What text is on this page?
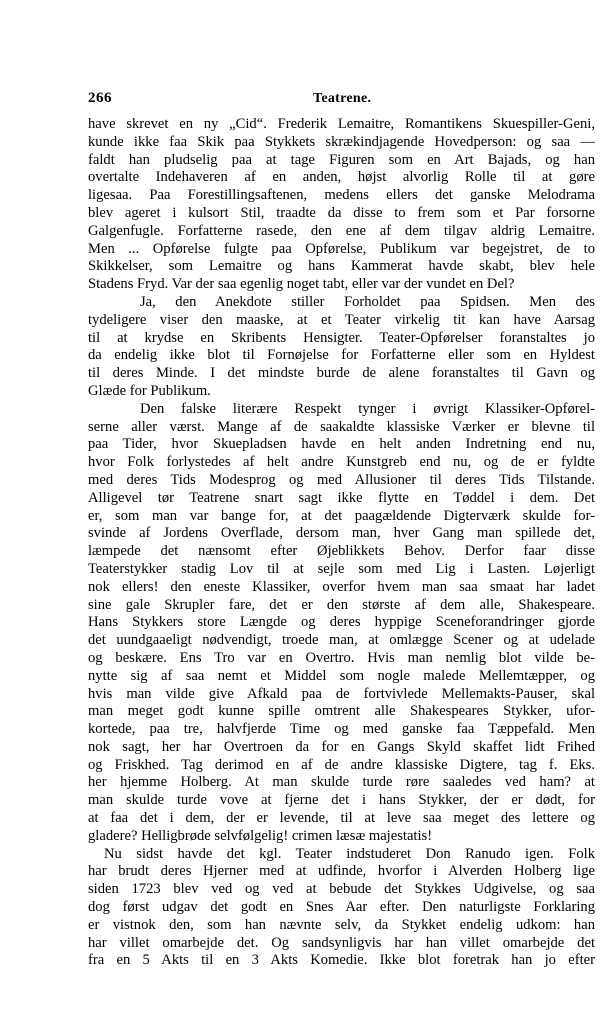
266	Teatrene.
have skrevet en ny „Cid“. Frederik Lemaitre, Romantikens Skuespiller-Geni,
kunde ikke faa Skik paa Stykkets skrækindjagende Hovedperson: og saa —
faldt han pludselig paa at tage Figuren som en Art Bajads, og han
overtalte Indehaveren af en anden, højst alvorlig Rolle til at gøre
ligesaa. Paa Forestillingsaftenen, medens ellers det ganske Melodrama
blev ageret i kulsort Stil, traadte da disse to frem som et Par forsorne
Galgenfugle. Forfatterne rasede, den ene af dem tilgav aldrig Lemaitre.
Men ... Opførelse fulgte paa Opførelse, Publikum var begejstret, de to
Skikkelser, som Lemaitre og hans Kammerat havde skabt, blev hele
Stadens Fryd. Var der saa egenlig noget tabt, eller var der vundet en Del?
Ja, den Anekdote stiller Forholdet paa Spidsen. Men des
tydeligere viser den maaske, at et Teater virkelig tit kan have Aarsag
til at krydse en Skribents Hensigter. Teater-Opførelser foranstaltes jo
da endelig ikke blot til Fornøjelse for Forfatterne eller som en Hyldest
til deres Minde. I det mindste burde de alene foranstaltes til Gavn og
Glæde for Publikum.
Den falske literære Respekt tynger i øvrigt Klassiker-Opførel-
serne aller værst. Mange af de saakaldte klassiske Værker er blevne til
paa Tider, hvor Skuepladsen havde en helt anden Indretning end nu,
hvor Folk forlystedes af helt andre Kunstgreb end nu, og de er fyldte
med deres Tids Modesprog og med Allusioner til deres Tids Tilstande.
Alligevel tør Teatrene snart sagt ikke flytte en Tøddel i dem. Det
er, som man var bange for, at det paagældende Digterværk skulde for-
svinde af Jordens Overflade, dersom man, hver Gang man spillede det,
læmpede det nænsomt efter Øjeblikkets Behov. Derfor faar disse
Teaterstykker stadig Lov til at sejle som med Lig i Lasten. Løjerligt
nok ellers! den eneste Klassiker, overfor hvem man saa smaat har ladet
sine gale Skrupler fare, det er den største af dem alle, Shakespeare.
Hans Stykkers store Længde og deres hyppige Sceneforandringer gjorde
det uundgaaeligt nødvendigt, troede man, at omlægge Scener og at udelade
og beskære. Ens Tro var en Overtro. Hvis man nemlig blot vilde be-
nytte sig af saa nemt et Middel som nogle malede Mellemtæpper, og
hvis man vilde give Afkald paa de fortvivlede Mellemakts-Pauser, skal
man meget godt kunne spille omtrent alle Shakespeares Stykker, ufor-
kortede, paa tre, halvfjerde Time og med ganske faa Tæppefald. Men
nok sagt, her har Overtroen da for en Gangs Skyld skaffet lidt Frihed
og Friskhed. Tag derimod en af de andre klassiske Digtere, tag f. Eks.
her hjemme Holberg. At man skulde turde røre saaledes ved ham? at
man skulde turde vove at fjerne det i hans Stykker, der er dødt, for
at faa det i dem, der er levende, til at leve saa meget des lettere og
gladere? Helligbrøde selvfølgelig! crimen læsæ majestatis!
Nu sidst havde det kgl. Teater indstuderet Don Ranudo igen. Folk
har brudt deres Hjerner med at udfinde, hvorfor i Alverden Holberg lige
siden 1723 blev ved og ved at bebude det Stykkes Udgivelse, og saa
dog først udgav det godt en Snes Aar efter. Den naturligste Forklaring
er vistnok den, som han nævnte selv, da Stykket endelig udkom: han
har villet omarbejde det. Og sandsynligvis har han villet omarbejde det
fra en 5 Akts til en 3 Akts Komedie. Ikke blot foretrak han jo efter
